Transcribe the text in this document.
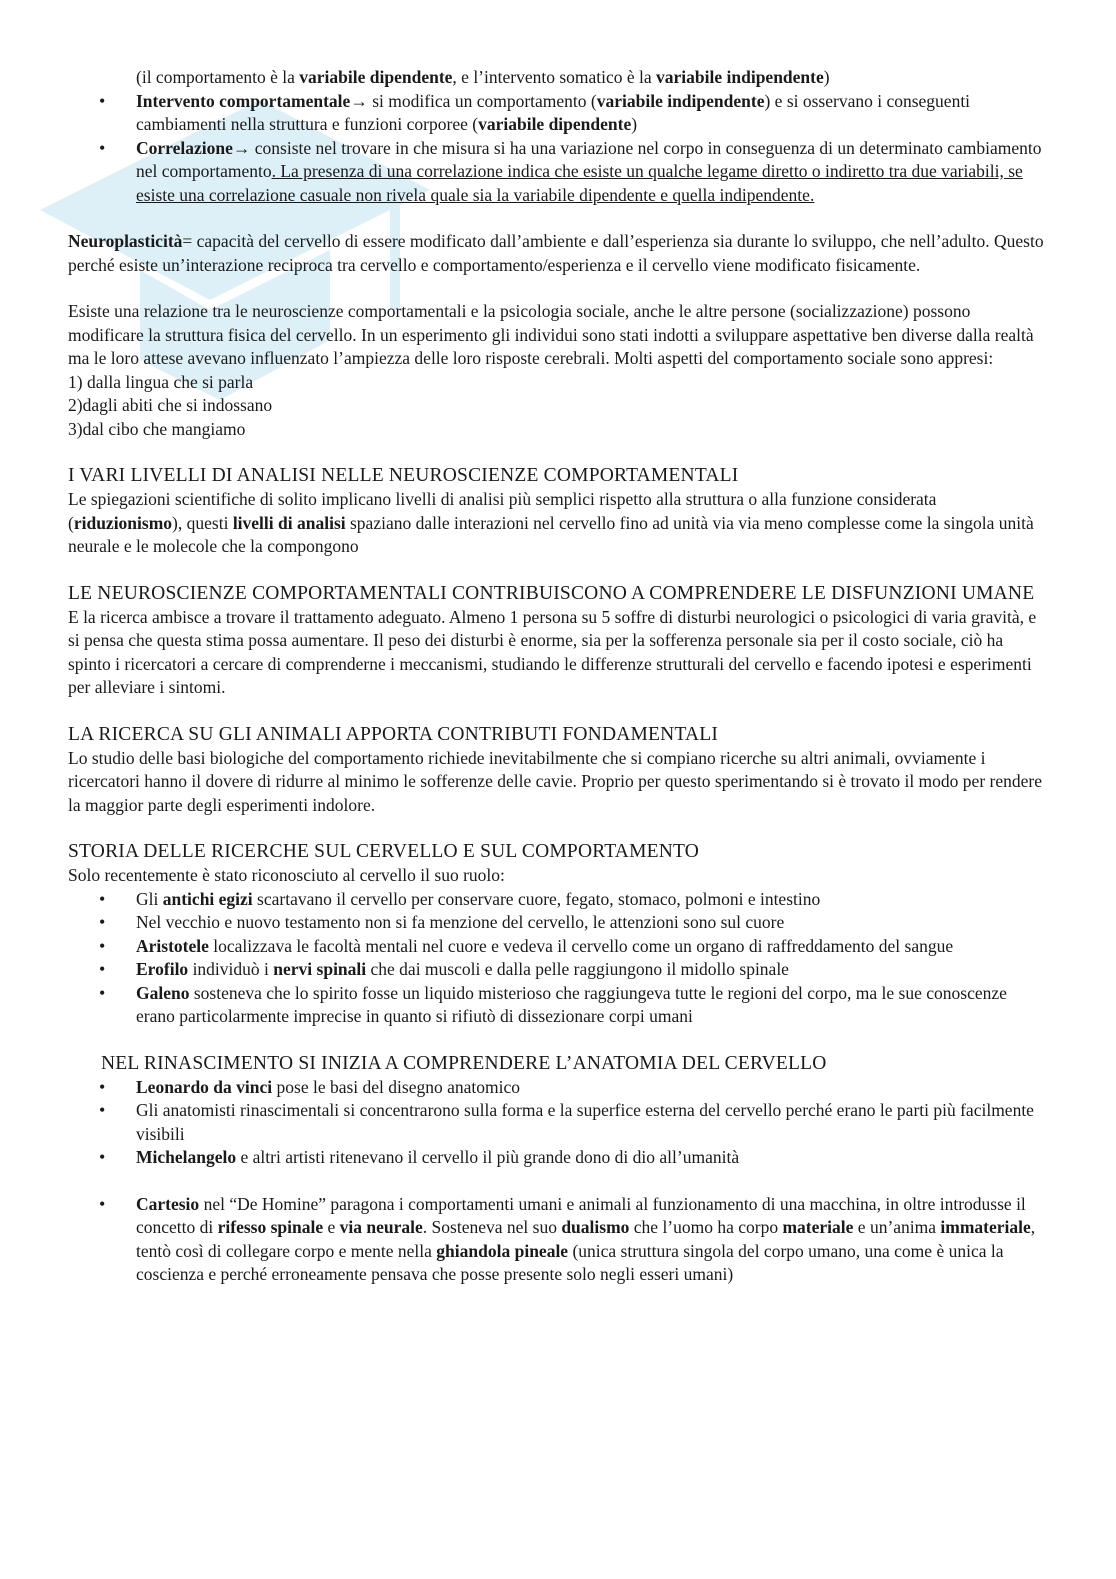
(il comportamento è la variabile dipendente, e l’intervento somatico è la variabile indipendente)

• Intervento comportamentale→ si modifica un comportamento (variabile indipendente) e si osservano i conseguenti cambiamenti nella struttura e funzioni corporee (variabile dipendente)
• Correlazione→ consiste nel trovare in che misura si ha una variazione nel corpo in conseguenza di un determinato cambiamento nel comportamento. La presenza di una correlazione indica che esiste un qualche legame diretto o indiretto tra due variabili, se esiste una correlazione casuale non rivela quale sia la variabile dipendente e quella indipendente.

Neuroplasticità= capacità del cervello di essere modificato dall’ambiente e dall’esperienza sia durante lo sviluppo, che nell’adulto. Questo perché esiste un’interazione reciproca tra cervello e comportamento/esperienza e il cervello viene modificato fisicamente.

Esiste una relazione tra le neuroscienze comportamentali e la psicologia sociale, anche le altre persone (socializzazione) possono modificare la struttura fisica del cervello. In un esperimento gli individui sono stati indotti a sviluppare aspettative ben diverse dalla realtà ma le loro attese avevano influenzato l’ampiezza delle loro risposte cerebrali. Molti aspetti del comportamento sociale sono appresi:

1) dalla lingua che si parla

2)dagli abiti che si indossano

3)dal cibo che mangiamo

I VARI LIVELLI DI ANALISI NELLE NEUROSCIENZE COMPORTAMENTALI

Le spiegazioni scientifiche di solito implicano livelli di analisi più semplici rispetto alla struttura o alla funzione considerata (riduzionismo), questi livelli di analisi spaziano dalle interazioni nel cervello fino ad unità via via meno complesse come la singola unità neurale e le molecole che la compongono

LE NEUROSCIENZE COMPORTAMENTALI CONTRIBUISCONO A COMPRENDERE LE DISFUNZIONI UMANE

E la ricerca ambisce a trovare il trattamento adeguato. Almeno 1 persona su 5 soffre di disturbi neurologici o psicologici di varia gravità, e si pensa che questa stima possa aumentare. Il peso dei disturbi è enorme, sia per la sofferenza personale sia per il costo sociale, ciò ha spinto i ricercatori a cercare di comprenderne i meccanismi, studiando le differenze strutturali del cervello e facendo ipotesi e esperimenti per alleviare i sintomi.

LA RICERCA SU GLI ANIMALI APPORTA CONTRIBUTI FONDAMENTALI

Lo studio delle basi biologiche del comportamento richiede inevitabilmente che si compiano ricerche su altri animali, ovviamente i ricercatori hanno il dovere di ridurre al minimo le sofferenze delle cavie. Proprio per questo sperimentando si è trovato il modo per rendere la maggior parte degli esperimenti indolore.

STORIA DELLE RICERCHE SUL CERVELLO E SUL COMPORTAMENTO

Solo recentemente è stato riconosciuto al cervello il suo ruolo:

• Gli antichi egizi scartavano il cervello per conservare cuore, fegato, stomaco, polmoni e intestino
• Nel vecchio e nuovo testamento non si fa menzione del cervello, le attenzioni sono sul cuore
• Aristotele localizzava le facoltà mentali nel cuore e vedeva il cervello come un organo di raffreddamento del sangue
• Erofilo individuò i nervi spinali che dai muscoli e dalla pelle raggiungono il midollo spinale
• Galeno sosteneva che lo spirito fosse un liquido misterioso che raggiungeva tutte le regioni del corpo, ma le sue conoscenze erano particolarmente imprecise in quanto si rifiutò di dissezionare corpi umani
NEL RINASCIMENTO SI INIZIA A COMPRENDERE L’ANATOMIA DEL CERVELLO
• Leonardo da vinci pose le basi del disegno anatomico
• Gli anatomisti rinascimentali si concentrarono sulla forma e la superfice esterna del cervello perché erano le parti più facilmente visibili
• Michelangelo e altri artisti ritenevano il cervello il più grande dono di dio all’umanità
• Cartesio nel “De Homine” paragona i comportamenti umani e animali al funzionamento di una macchina, in oltre introdusse il concetto di rifesso spinale e via neurale. Sosteneva nel suo dualismo che l’uomo ha corpo materiale e un’anima immateriale, tentò così di collegare corpo e mente nella ghiandola pineale (unica struttura singola del corpo umano, una come è unica la coscienza e perché erroneamente pensava che posse presente solo negli esseri umani)
